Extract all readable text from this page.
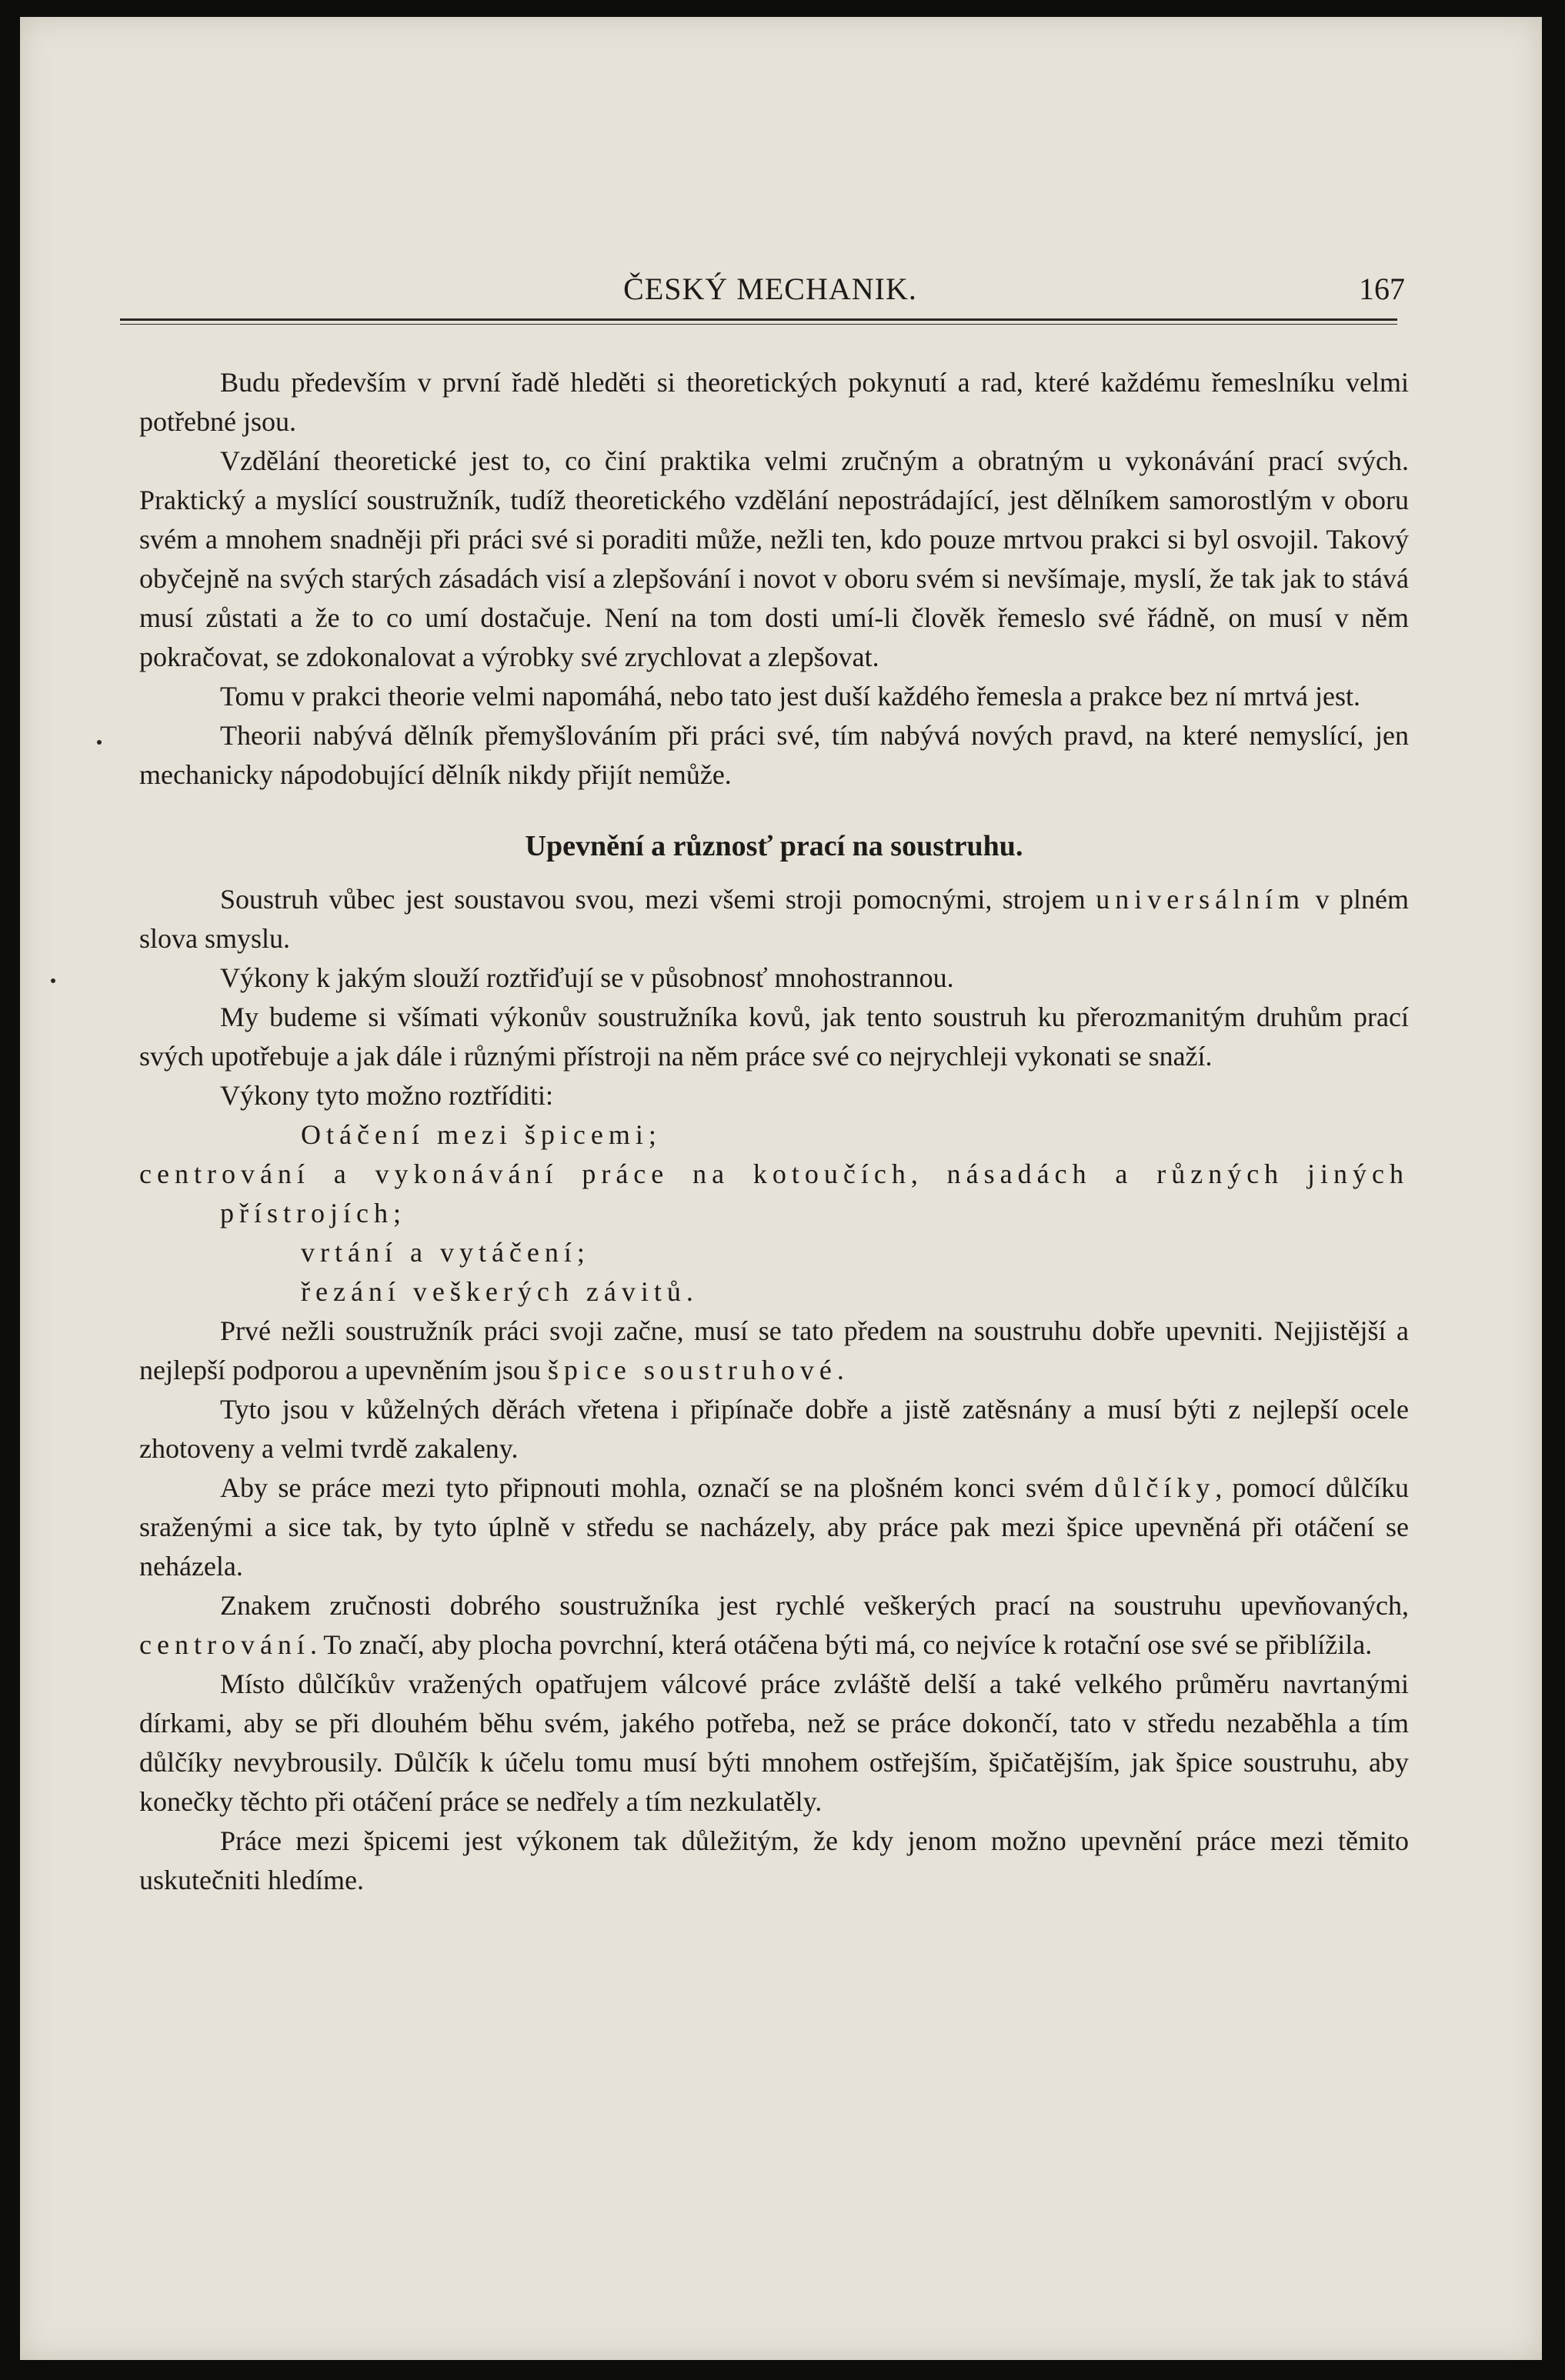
ČESKÝ MECHANIK.	167

Budu především v první řadě hleděti si theoretických pokynutí a rad, které každému řemeslníku velmi potřebné jsou.

Vzdělání theoretické jest to, co činí praktika velmi zručným a obratným u vykonávání prací svých. Praktický a myslící soustružník, tudíž theoretického vzdělání nepostrádající, jest dělníkem samorostlým v oboru svém a mnohem snadněji při práci své si poraditi může, nežli ten, kdo pouze mrtvou prakci si byl osvojil. Takový obyčejně na svých starých zásadách visí a zlepšování i novot v oboru svém si nevšímaje, myslí, že tak jak to stává musí zůstati a že to co umí dostačuje. Není na tom dosti umí-li člověk řemeslo své řádně, on musí v něm pokračovat, se zdokonalovat a výrobky své zrychlovat a zlepšovat.

Tomu v prakci theorie velmi napomáhá, nebo tato jest duší každého řemesla a prakce bez ní mrtvá jest.

Theorii nabývá dělník přemyšlováním při práci své, tím nabývá nových pravd, na které nemyslící, jen mechanicky nápodobující dělník nikdy přijít nemůže.

Upevnění a různosť prací na soustruhu.

Soustruh vůbec jest soustavou svou, mezi všemi stroji pomocnými, strojem universálním v plném slova smyslu.

Výkony k jakým slouží roztřiďují se v působnosť mnohostrannou.

My budeme si všímati výkonův soustružníka kovů, jak tento soustruh ku přerozmanitým druhům prací svých upotřebuje a jak dále i různými přístroji na něm práce své co nejrychleji vykonati se snaží.

Výkony tyto možno roztříditi:

Otáčení mezi špicemi;

centrování a vykonávání práce na kotoučích, násadách a různých jiných přístrojích;

vrtání a vytáčení;

řezání veškerých závitů.

Prvé nežli soustružník práci svoji začne, musí se tato předem na soustruhu dobře upevniti. Nejjistější a nejlepší podporou a upevněním jsou špice soustruhové.

Tyto jsou v kůželných děrách vřetena i připínače dobře a jistě zatěsnány a musí býti z nejlepší ocele zhotoveny a velmi tvrdě zakaleny.

Aby se práce mezi tyto připnouti mohla, označí se na plošném konci svém důlčíky, pomocí důlčíku sraženými a sice tak, by tyto úplně v středu se nacházely, aby práce pak mezi špice upevněná při otáčení se neházela.

Znakem zručnosti dobrého soustružníka jest rychlé veškerých prací na soustruhu upevňovaných, centrování. To značí, aby plocha povrchní, která otáčena býti má, co nejvíce k rotační ose své se přiblížila.

Místo důlčíkův vražených opatřujem válcové práce zvláště delší a také velkého průměru navrtanými dírkami, aby se při dlouhém běhu svém, jakého potřeba, než se práce dokončí, tato v středu nezaběhla a tím důlčíky nevybrousily. Důlčík k účelu tomu musí býti mnohem ostřejším, špičatějším, jak špice soustruhu, aby konečky těchto při otáčení práce se nedřely a tím nezkulatěly.

Práce mezi špicemi jest výkonem tak důležitým, že kdy jenom možno upevnění práce mezi těmito uskutečniti hledíme.
